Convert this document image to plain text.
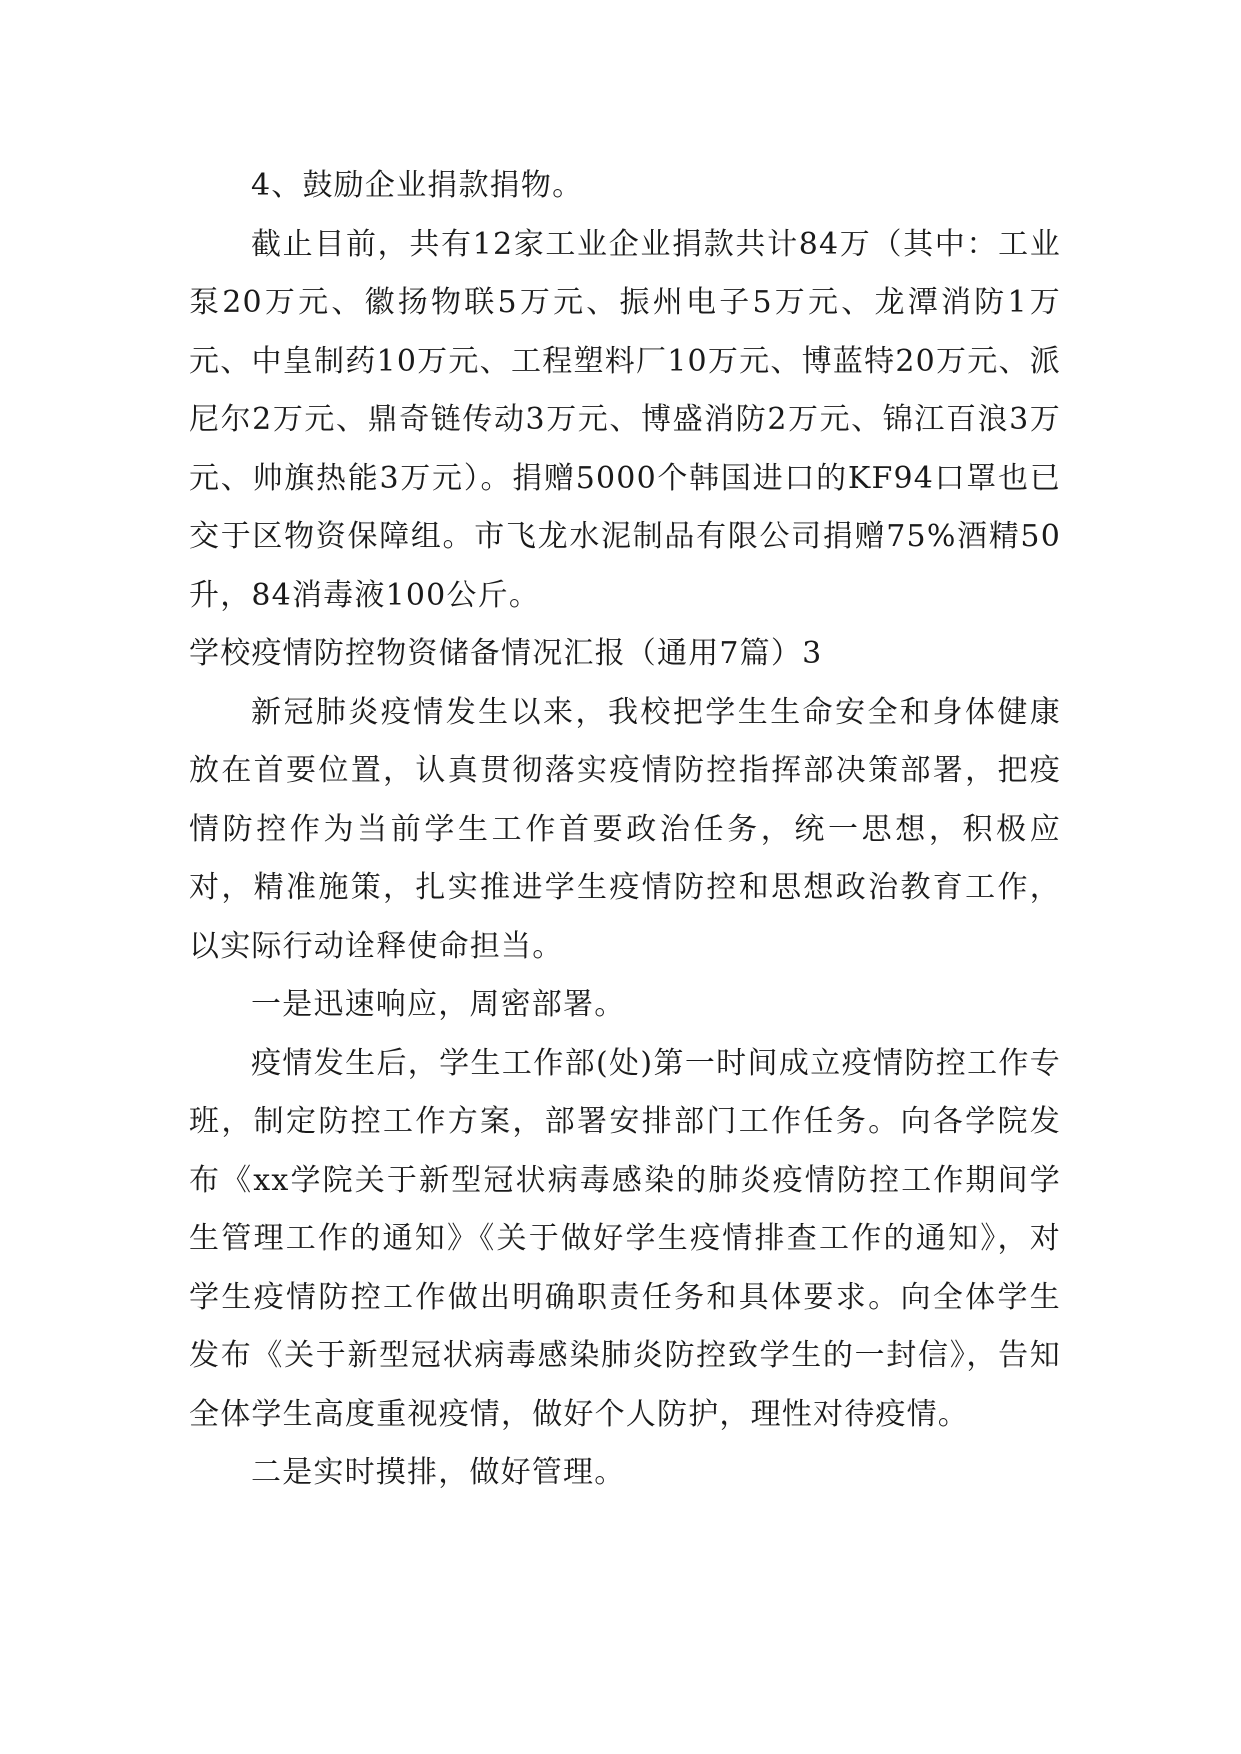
4、鼓励企业捐款捐物。

截止目前，共有12家工业企业捐款共计84万（其中：工业泵20万元、徽扬物联5万元、振州电子5万元、龙潭消防1万元、中皇制药10万元、工程塑料厂10万元、博蓝特20万元、派尼尔2万元、鼎奇链传动3万元、博盛消防2万元、锦江百浪3万元、帅旗热能3万元）。捐赠5000个韩国进口的KF94口罩也已交于区物资保障组。市飞龙水泥制品有限公司捐赠75%酒精50升，84消毒液100公斤。

学校疫情防控物资储备情况汇报（通用7篇）3

新冠肺炎疫情发生以来，我校把学生生命安全和身体健康放在首要位置，认真贯彻落实疫情防控指挥部决策部署，把疫情防控作为当前学生工作首要政治任务，统一思想，积极应对，精准施策，扎实推进学生疫情防控和思想政治教育工作，以实际行动诠释使命担当。

一是迅速响应，周密部署。

疫情发生后，学生工作部(处)第一时间成立疫情防控工作专班，制定防控工作方案，部署安排部门工作任务。向各学院发布《xx学院关于新型冠状病毒感染的肺炎疫情防控工作期间学生管理工作的通知》《关于做好学生疫情排查工作的通知》，对学生疫情防控工作做出明确职责任务和具体要求。向全体学生发布《关于新型冠状病毒感染肺炎防控致学生的一封信》，告知全体学生高度重视疫情，做好个人防护，理性对待疫情。

二是实时摸排，做好管理。
